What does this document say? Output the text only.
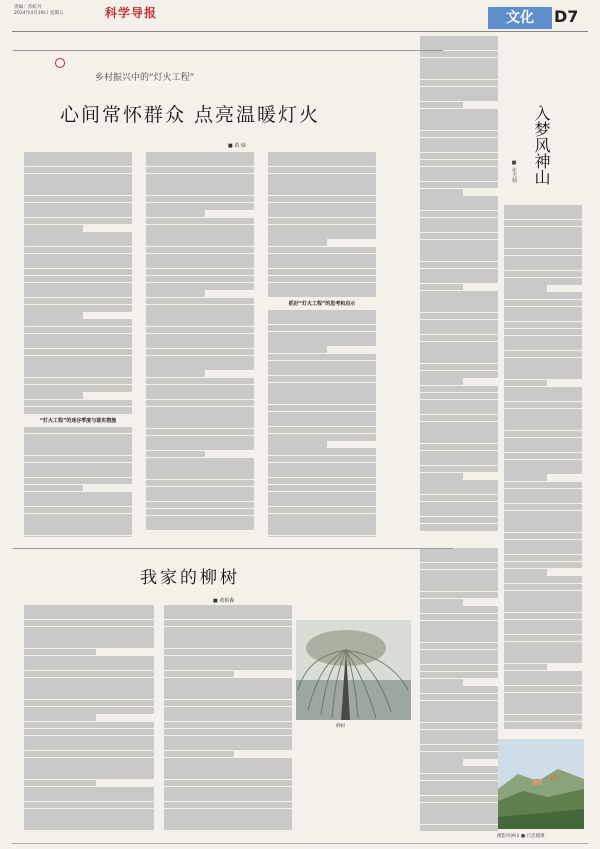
责编：苏虹丹
2024年4月19日 星期五	科学导报	文化	D7
乡村振兴中的“灯火工程”
心间常怀群众 点亮温暖灯火
■ 苗 绿
“灯火工程”的迷谷季度与落实措施
抓好“灯火工程”的思考和启示
入梦风神山
■ 张天桢
我家的柳树
■ 黄柏森
柳树
摄影风神山 ■ 吕忠越摄
